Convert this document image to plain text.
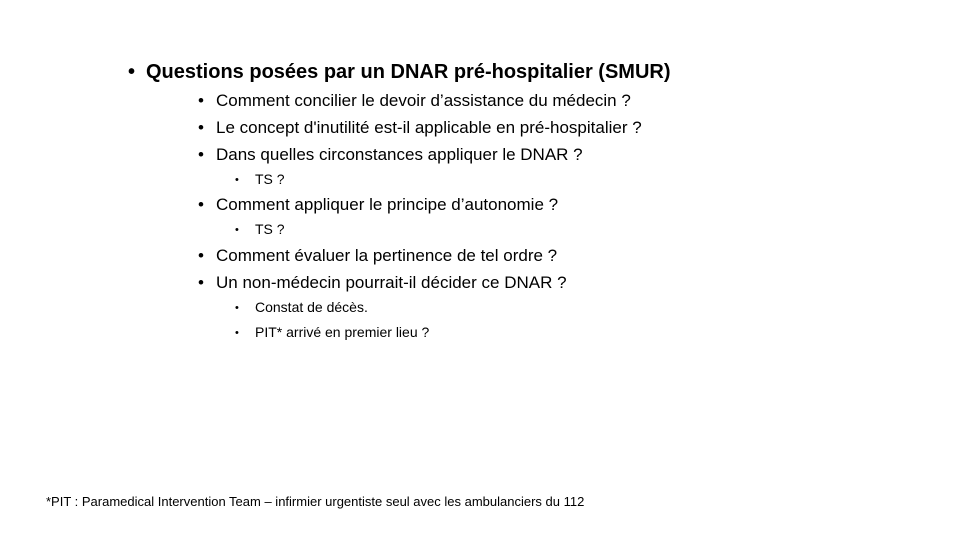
• Questions posées par un DNAR pré-hospitalier (SMUR)
• Comment concilier le devoir d’assistance du médecin ?
• Le concept d'inutilité est-il applicable en pré-hospitalier ?
• Dans quelles circonstances appliquer le DNAR ?
• TS ?
• Comment appliquer le principe d’autonomie ?
• TS ?
• Comment évaluer la pertinence de tel ordre ?
• Un non-médecin pourrait-il décider ce DNAR ?
• Constat de décès.
• PIT* arrivé en premier lieu ?
*PIT : Paramedical Intervention Team – infirmier urgentiste seul avec les ambulanciers du 112
